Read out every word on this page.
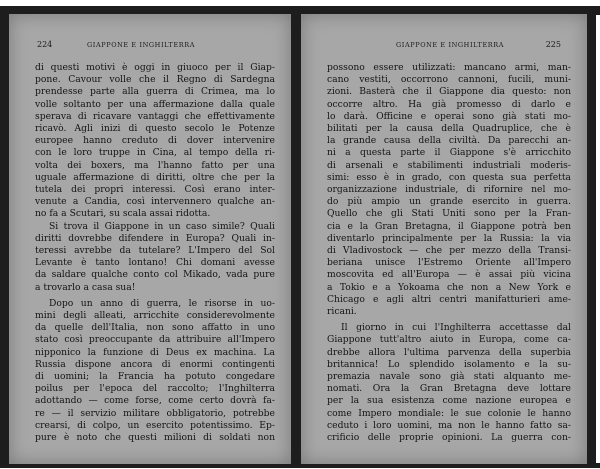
224	GIAPPONE E INGHILTERRA
di questi motivi è oggi in giuoco per il Giap-
pone. Cavour volle che il Regno di Sardegna
prendesse parte alla guerra di Crimea, ma lo
volle soltanto per una affermazione dalla quale
sperava di ricavare vantaggi che effettivamente
ricavò. Agli inizi di questo secolo le Potenze
europee hanno creduto di dover intervenire
con le loro truppe in Cina, al tempo della ri-
volta dei boxers, ma l'hanno fatto per una
uguale affermazione di diritti, oltre che per la
tutela dei propri interessi. Così erano inter-
venute a Candia, così intervennero qualche an-
no fa a Scutari, su scala assai ridotta.
Si trova il Giappone in un caso simile? Quali
diritti dovrebbe difendere in Europa? Quali in-
teressi avrebbe da tutelare? L'Impero del Sol
Levante è tanto lontano! Chi domani avesse
da saldare qualche conto col Mikado, vada pure
a trovarlo a casa sua!
Dopo un anno di guerra, le risorse in uo-
mini degli alleati, arricchite considerevolmente
da quelle dell'Italia, non sono affatto in uno
stato così preoccupante da attribuire all'Impero
nipponico la funzione di Deus ex machina. La
Russia dispone ancora di enormi contingenti
di uomini; la Francia ha potuto congedare
poilus per l'epoca del raccolto; l'Inghilterra
adottando — come forse, come certo dovrà fa-
re — il servizio militare obbligatorio, potrebbe
crearsi, di colpo, un esercito potentissimo. Ep-
pure è noto che questi milioni di soldati non
GIAPPONE E INGHILTERRA	225
possono essere utilizzati: mancano armi, man-
cano vestiti, occorrono cannoni, fucili, muni-
zioni. Basterà che il Giappone dia questo: non
occorre altro. Ha già promesso di darlo e
lo darà. Officine e operai sono già stati mo-
bilitati per la causa della Quadruplice, che è
la grande causa della civiltà. Da parecchi an-
ni a questa parte il Giappone s'è arricchito
di arsenali e stabilimenti industriali moderis-
simi: esso è in grado, con questa sua perfetta
organizzazione industriale, di rifornire nel mo-
do più ampio un grande esercito in guerra.
Quello che gli Stati Uniti sono per la Fran-
cia e la Gran Bretagna, il Giappone potrà ben
diventarlo principalmente per la Russia: la via
di Vladivostock — che per mezzo della Transi-
beriana unisce l'Estremo Oriente all'Impero
moscovita ed all'Europa — è assai più vicina
a Tokio e a Yokoama che non a New York e
Chicago e agli altri centri manifatturieri ame-
ricani.
Il giorno in cui l'Inghilterra accettasse dal
Giappone tutt'altro aiuto in Europa, come ca-
drebbe allora l'ultima parvenza della superbia
britannica! Lo splendido isolamento e la su-
premazia navale sono già stati alquanto me-
nomati. Ora la Gran Bretagna deve lottare
per la sua esistenza come nazione europea e
come Impero mondiale: le sue colonie le hanno
ceduto i loro uomini, ma non le hanno fatto sa-
crificio delle proprie opinioni. La guerra con-
